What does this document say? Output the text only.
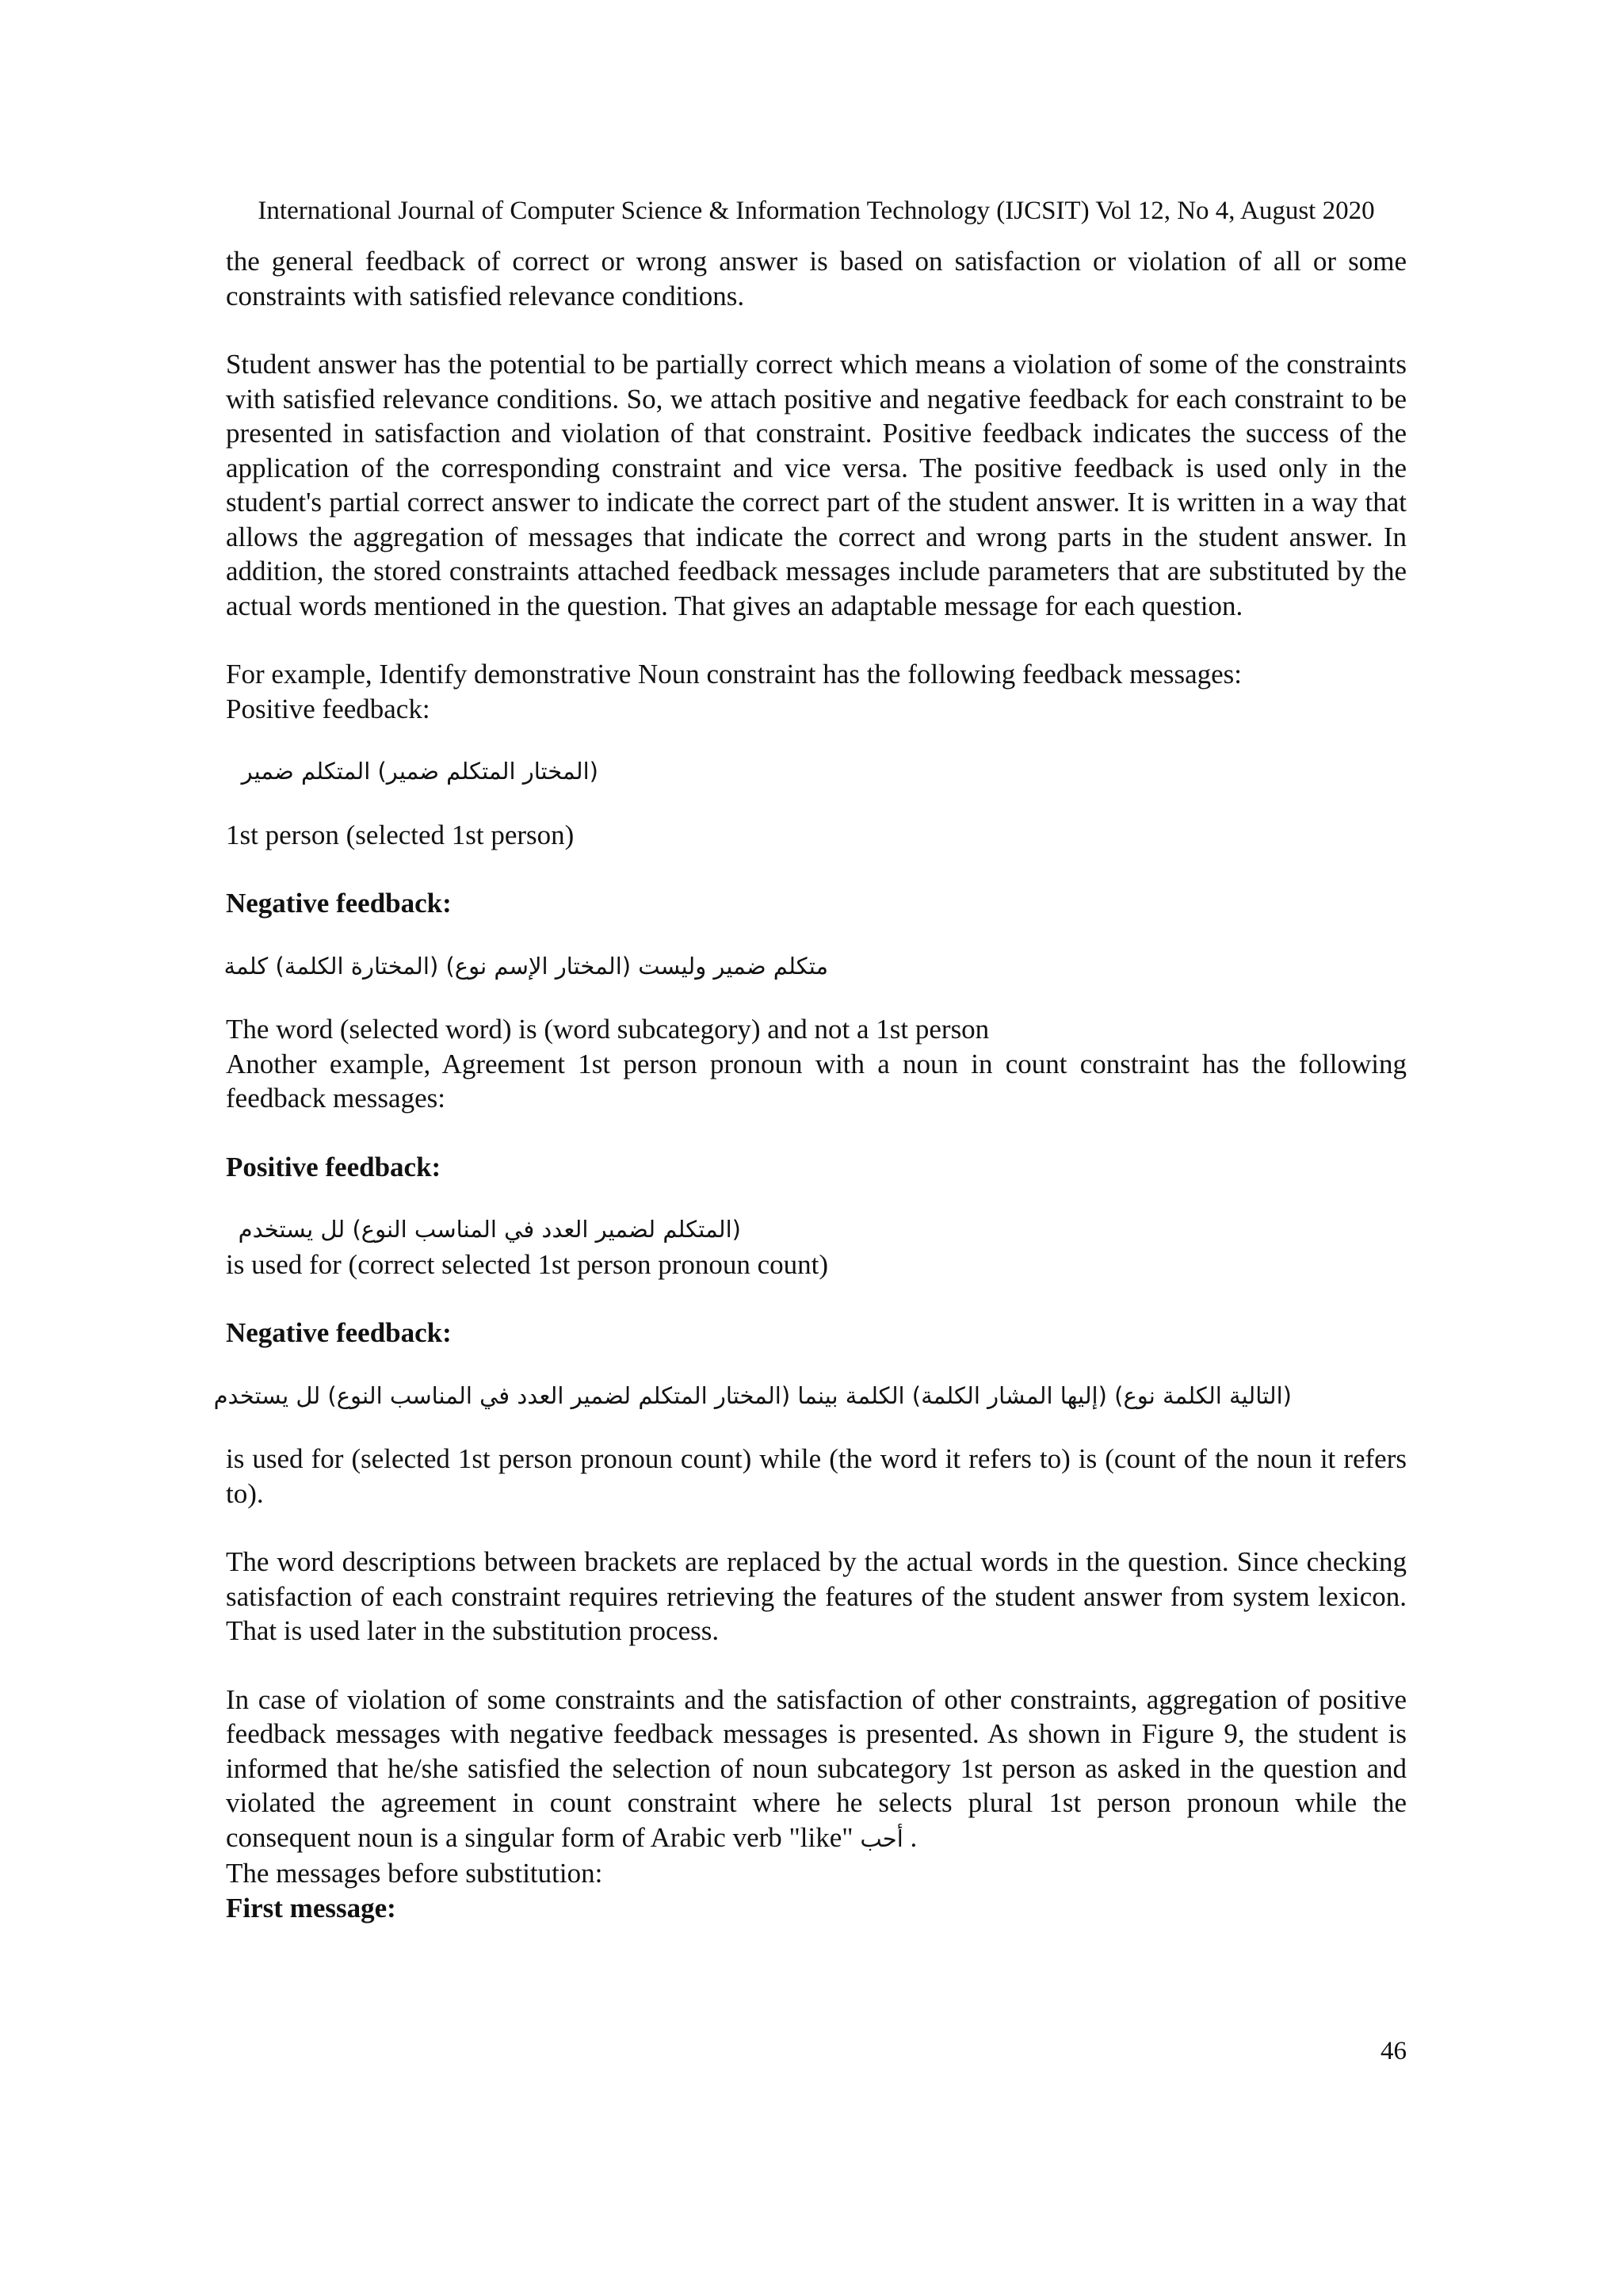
International Journal of Computer Science & Information Technology (IJCSIT) Vol 12, No 4, August 2020

the general feedback of correct or wrong answer is based on satisfaction or violation of all or some constraints with satisfied relevance conditions.

Student answer has the potential to be partially correct which means a violation of some of the constraints with satisfied relevance conditions. So, we attach positive and negative feedback for each constraint to be presented in satisfaction and violation of that constraint. Positive feedback indicates the success of the application of the corresponding constraint and vice versa. The positive feedback is used only in the student's partial correct answer to indicate the correct part of the student answer. It is written in a way that allows the aggregation of messages that indicate the correct and wrong parts in the student answer. In addition, the stored constraints attached feedback messages include parameters that are substituted by the actual words mentioned in the question. That gives an adaptable message for each question.

For example, Identify demonstrative Noun constraint has the following feedback messages:

Positive feedback:

(المختار المتكلم ضمير) المتكلم ضمير

1st person (selected 1st person)

Negative feedback:

متكلم ضمير وليست (المختار الإسم نوع) (المختارة الكلمة) كلمة

The word (selected word) is (word subcategory) and not a 1st person

Another example, Agreement 1st person pronoun with a noun in count constraint has the following feedback messages:

Positive feedback:

(المتكلم لضمير العدد في المناسب النوع) لل يستخدم

is used for (correct selected 1st person pronoun count)

Negative feedback:

(التالية الكلمة نوع) (إليها المشار الكلمة) الكلمة بينما (المختار المتكلم لضمير العدد في المناسب النوع) لل يستخدم

is used for (selected 1st person pronoun count) while (the word it refers to) is (count of the noun it refers to).

The word descriptions between brackets are replaced by the actual words in the question. Since checking satisfaction of each constraint requires retrieving the features of the student answer from system lexicon. That is used later in the substitution process.

In case of violation of some constraints and the satisfaction of other constraints, aggregation of positive feedback messages with negative feedback messages is presented. As shown in Figure 9, the student is informed that he/she satisfied the selection of noun subcategory 1st person as asked in the question and violated the agreement in count constraint where he selects plural 1st person pronoun while the consequent noun is a singular form of Arabic verb "like" أحب .

The messages before substitution:

First message:

46
